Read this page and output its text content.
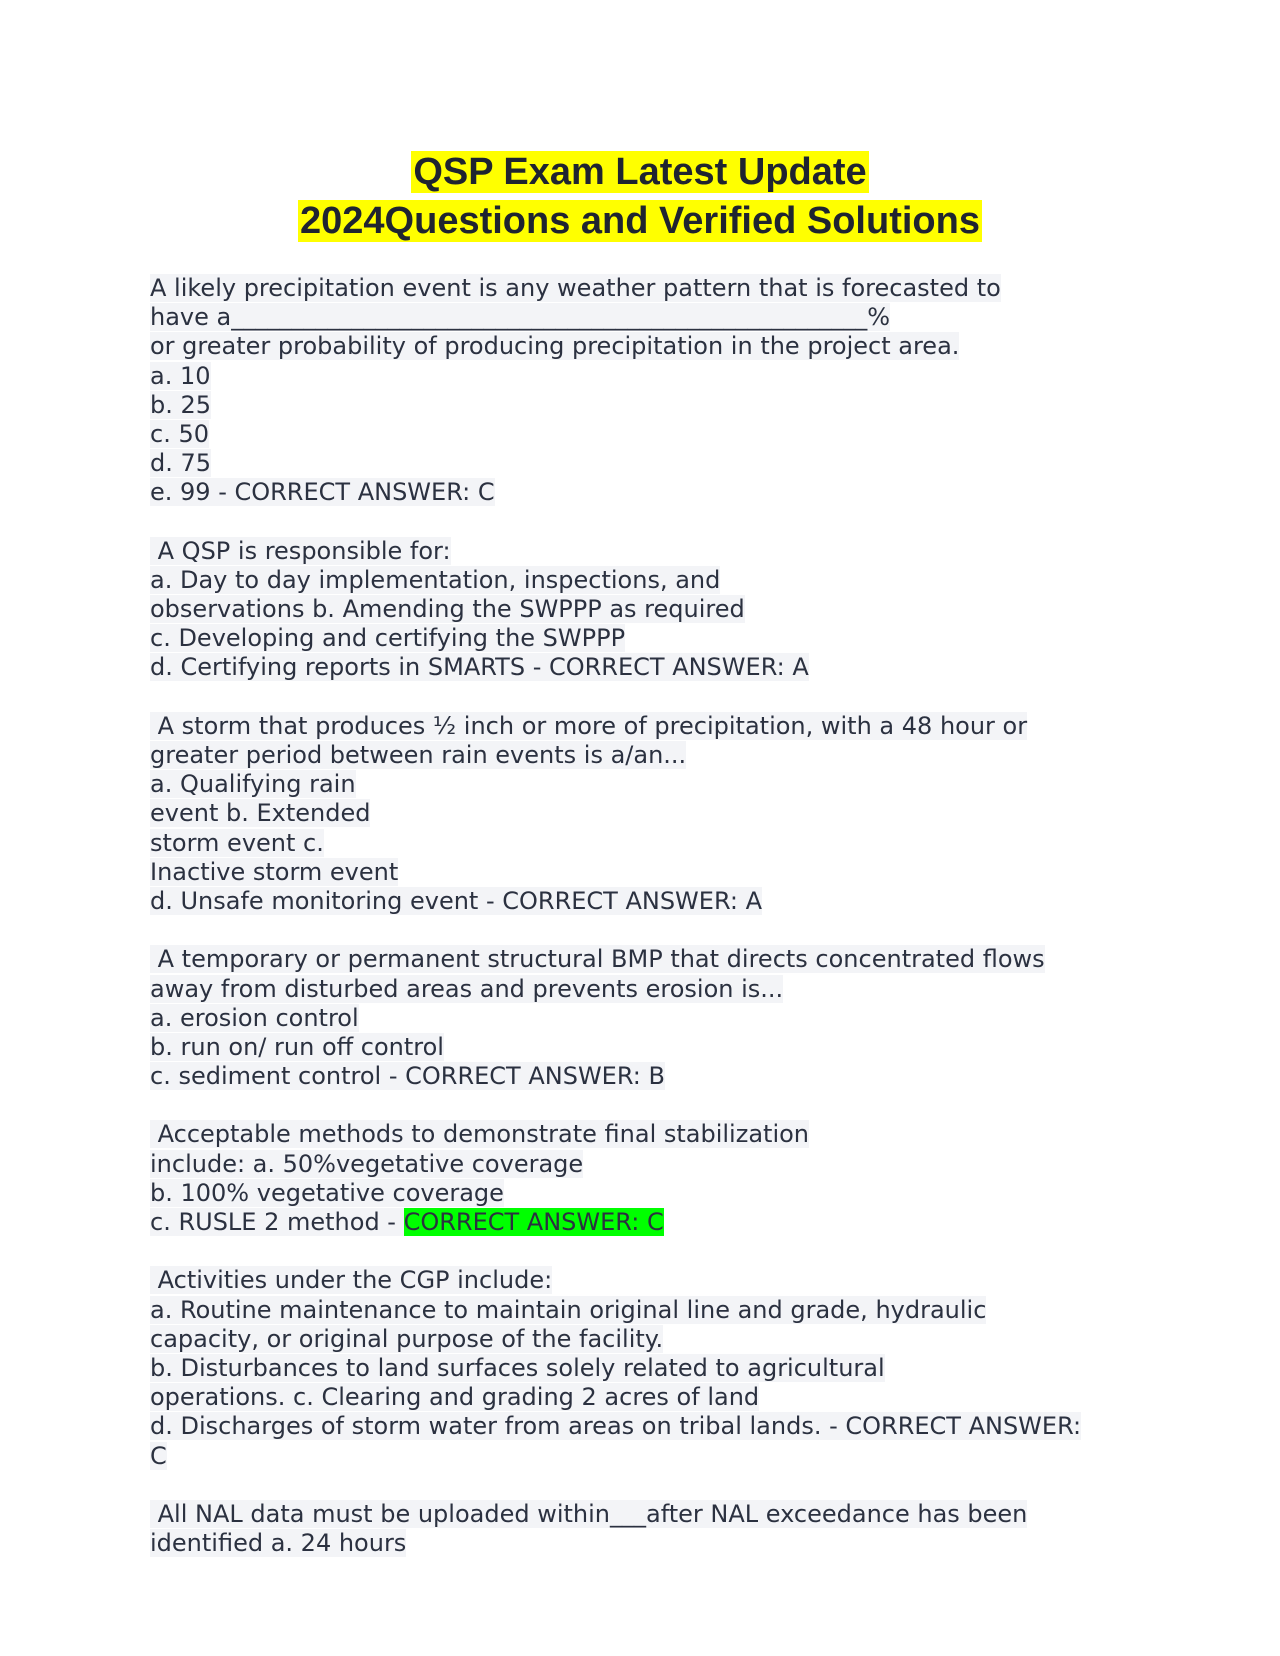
QSP Exam Latest Update
2024Questions and Verified Solutions
A likely precipitation event is any weather pattern that is forecasted to
have a_____________________________________________________%
or greater probability of producing precipitation in the project area.
a. 10
b. 25
c. 50
d. 75
e. 99 - CORRECT ANSWER: C
A QSP is responsible for:
a. Day to day implementation, inspections, and
observations b. Amending the SWPPP as required
c. Developing and certifying the SWPPP
d. Certifying reports in SMARTS - CORRECT ANSWER: A
A storm that produces ½ inch or more of precipitation, with a 48 hour or
greater period between rain events is a/an...
a. Qualifying rain
event b. Extended
storm event c.
Inactive storm event
d. Unsafe monitoring event - CORRECT ANSWER: A
A temporary or permanent structural BMP that directs concentrated flows
away from disturbed areas and prevents erosion is...
a. erosion control
b. run on/ run off control
c. sediment control - CORRECT ANSWER: B
Acceptable methods to demonstrate final stabilization
include: a. 50%vegetative coverage
b. 100% vegetative coverage
c. RUSLE 2 method - CORRECT ANSWER: C
Activities under the CGP include:
a. Routine maintenance to maintain original line and grade, hydraulic
capacity, or original purpose of the facility.
b. Disturbances to land surfaces solely related to agricultural
operations. c. Clearing and grading 2 acres of land
d. Discharges of storm water from areas on tribal lands. - CORRECT ANSWER:
C
All NAL data must be uploaded within___after NAL exceedance has been
identified a. 24 hours
